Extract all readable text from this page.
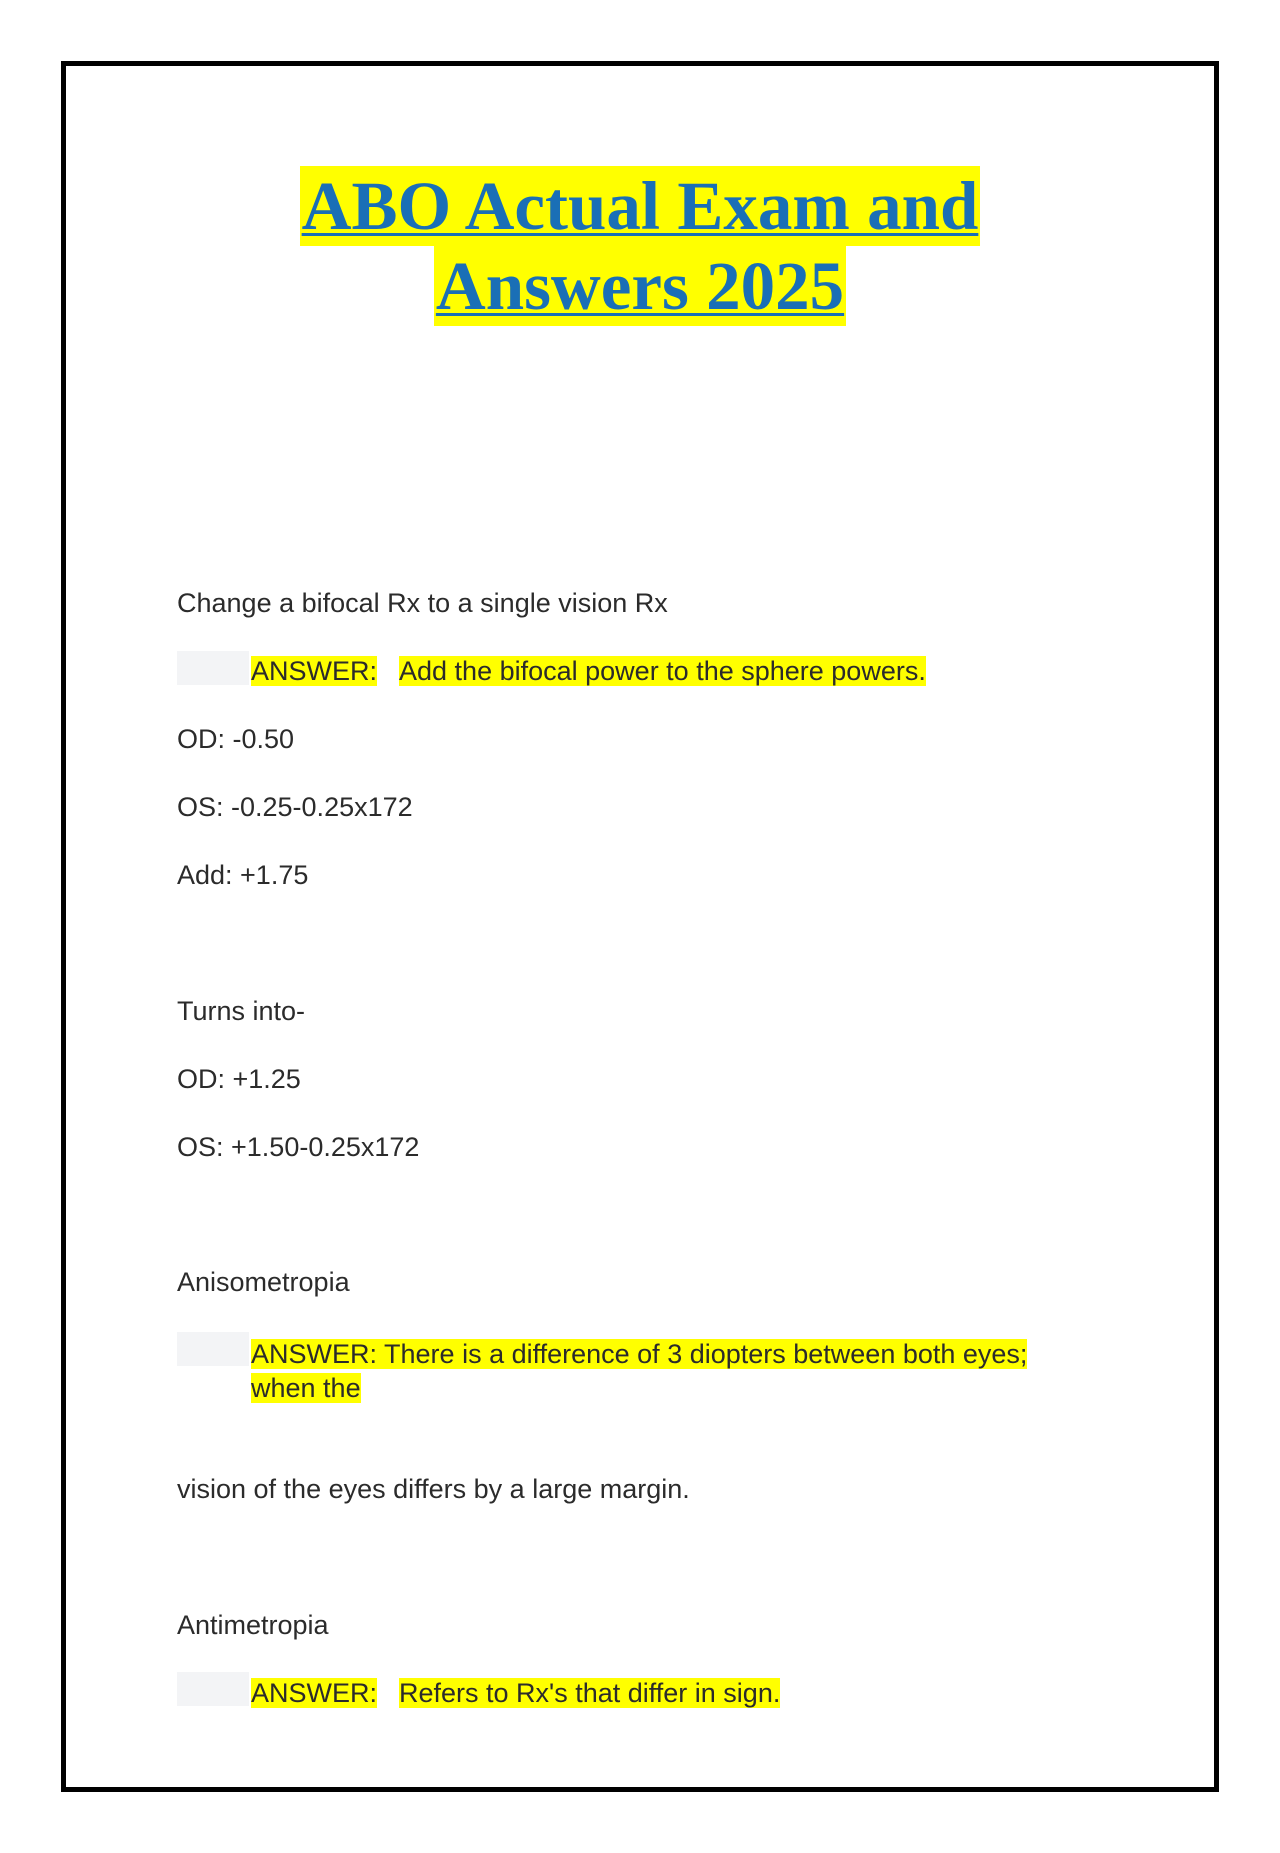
ABO Actual Exam and
Answers 2025
Change a bifocal Rx to a single vision Rx
ANSWER: Add the bifocal power to the sphere powers.
OD: -0.50
OS: -0.25-0.25x172
Add: +1.75
Turns into-
OD: +1.25
OS: +1.50-0.25x172
Anisometropia
ANSWER: There is a difference of 3 diopters between both eyes;
when the
vision of the eyes differs by a large margin.
Antimetropia
ANSWER: Refers to Rx's that differ in sign.
